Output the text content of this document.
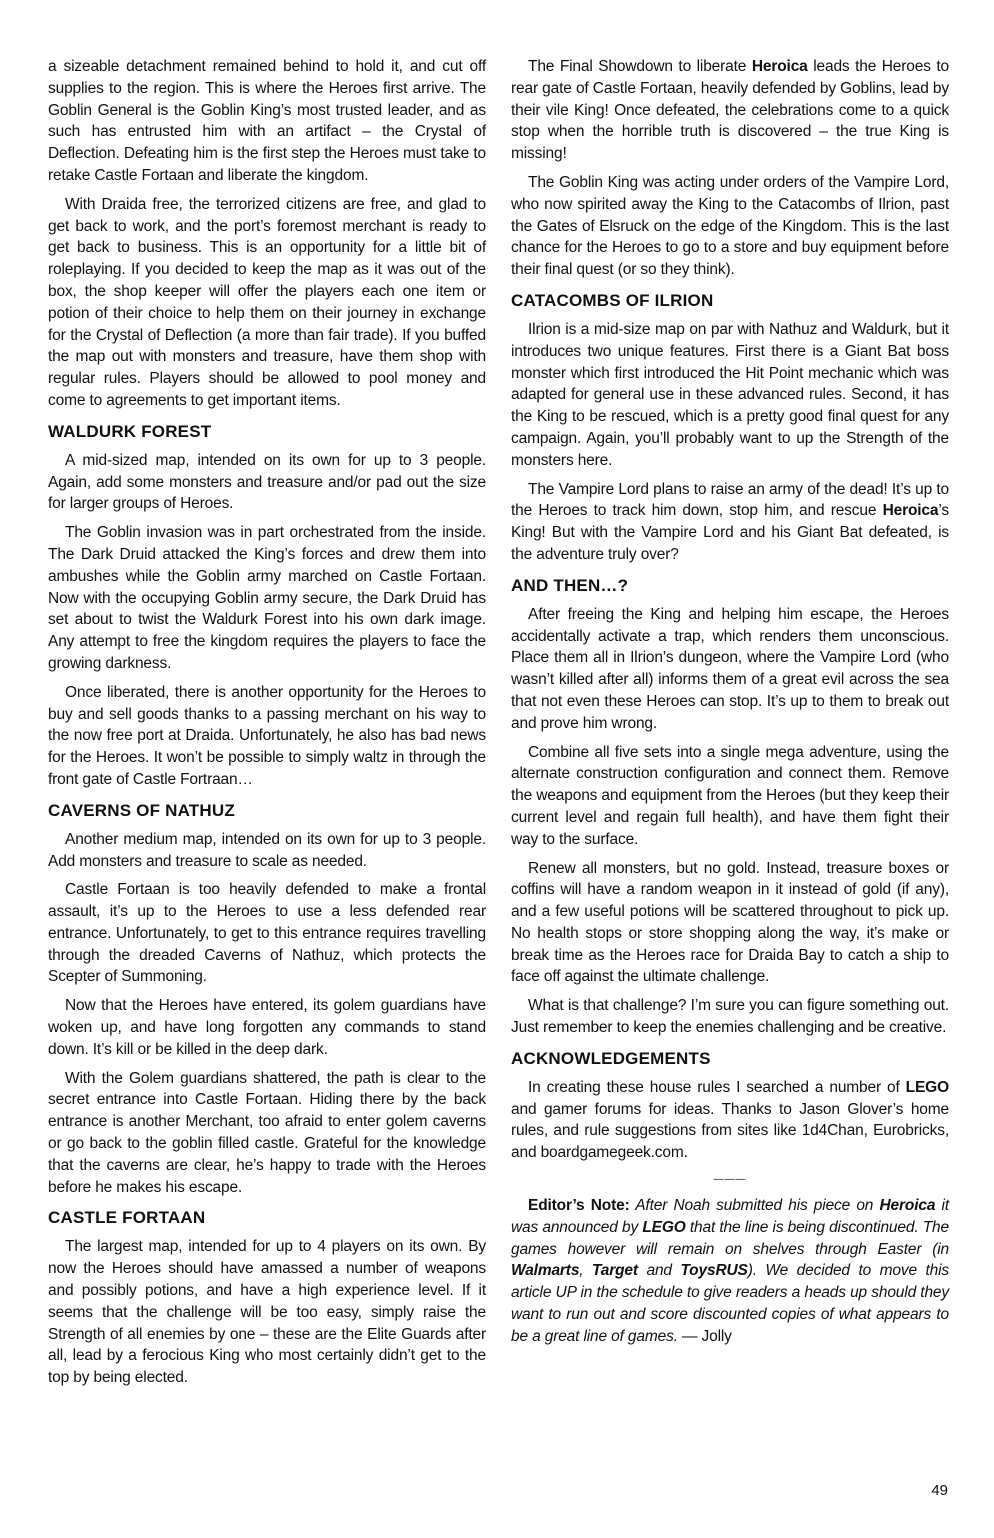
a sizeable detachment remained behind to hold it, and cut off supplies to the region. This is where the Heroes first arrive. The Goblin General is the Goblin King’s most trusted leader, and as such has entrusted him with an artifact – the Crystal of Deflection. Defeating him is the first step the Heroes must take to retake Castle Fortaan and liberate the kingdom.

With Draida free, the terrorized citizens are free, and glad to get back to work, and the port’s foremost merchant is ready to get back to business. This is an opportunity for a little bit of roleplaying. If you decided to keep the map as it was out of the box, the shop keeper will offer the players each one item or potion of their choice to help them on their journey in exchange for the Crystal of Deflection (a more than fair trade). If you buffed the map out with monsters and treasure, have them shop with regular rules. Players should be allowed to pool money and come to agreements to get important items.

WALDURK FOREST

A mid-sized map, intended on its own for up to 3 people. Again, add some monsters and treasure and/or pad out the size for larger groups of Heroes.

The Goblin invasion was in part orchestrated from the inside. The Dark Druid attacked the King’s forces and drew them into ambushes while the Goblin army marched on Castle Fortaan. Now with the occupying Goblin army secure, the Dark Druid has set about to twist the Waldurk Forest into his own dark image. Any attempt to free the kingdom requires the players to face the growing darkness.

Once liberated, there is another opportunity for the Heroes to buy and sell goods thanks to a passing merchant on his way to the now free port at Draida. Unfortunately, he also has bad news for the Heroes. It won’t be possible to simply waltz in through the front gate of Castle Fortraan…

CAVERNS OF NATHUZ

Another medium map, intended on its own for up to 3 people. Add monsters and treasure to scale as needed.

Castle Fortaan is too heavily defended to make a frontal assault, it’s up to the Heroes to use a less defended rear entrance. Unfortunately, to get to this entrance requires travelling through the dreaded Caverns of Nathuz, which protects the Scepter of Summoning.

Now that the Heroes have entered, its golem guardians have woken up, and have long forgotten any commands to stand down. It’s kill or be killed in the deep dark.

With the Golem guardians shattered, the path is clear to the secret entrance into Castle Fortaan. Hiding there by the back entrance is another Merchant, too afraid to enter golem caverns or go back to the goblin filled castle. Grateful for the knowledge that the caverns are clear, he’s happy to trade with the Heroes before he makes his escape.

CASTLE FORTAAN

The largest map, intended for up to 4 players on its own. By now the Heroes should have amassed a number of weapons and possibly potions, and have a high experience level. If it seems that the challenge will be too easy, simply raise the Strength of all enemies by one – these are the Elite Guards after all, lead by a ferocious King who most certainly didn’t get to the top by being elected.

The Final Showdown to liberate Heroica leads the Heroes to rear gate of Castle Fortaan, heavily defended by Goblins, lead by their vile King! Once defeated, the celebrations come to a quick stop when the horrible truth is discovered – the true King is missing!

The Goblin King was acting under orders of the Vampire Lord, who now spirited away the King to the Catacombs of Ilrion, past the Gates of Elsruck on the edge of the Kingdom. This is the last chance for the Heroes to go to a store and buy equipment before their final quest (or so they think).

CATACOMBS OF ILRION

Ilrion is a mid-size map on par with Nathuz and Waldurk, but it introduces two unique features. First there is a Giant Bat boss monster which first introduced the Hit Point mechanic which was adapted for general use in these advanced rules. Second, it has the King to be rescued, which is a pretty good final quest for any campaign. Again, you’ll probably want to up the Strength of the monsters here.

The Vampire Lord plans to raise an army of the dead! It’s up to the Heroes to track him down, stop him, and rescue Heroica’s King! But with the Vampire Lord and his Giant Bat defeated, is the adventure truly over?

AND THEN…?

After freeing the King and helping him escape, the Heroes accidentally activate a trap, which renders them unconscious. Place them all in Ilrion’s dungeon, where the Vampire Lord (who wasn’t killed after all) informs them of a great evil across the sea that not even these Heroes can stop. It’s up to them to break out and prove him wrong.

Combine all five sets into a single mega adventure, using the alternate construction configuration and connect them. Remove the weapons and equipment from the Heroes (but they keep their current level and regain full health), and have them fight their way to the surface.

Renew all monsters, but no gold. Instead, treasure boxes or coffins will have a random weapon in it instead of gold (if any), and a few useful potions will be scattered throughout to pick up. No health stops or store shopping along the way, it’s make or break time as the Heroes race for Draida Bay to catch a ship to face off against the ultimate challenge.

What is that challenge? I’m sure you can figure something out. Just remember to keep the enemies challenging and be creative.

ACKNOWLEDGEMENTS

In creating these house rules I searched a number of LEGO and gamer forums for ideas. Thanks to Jason Glover’s home rules, and rule suggestions from sites like 1d4Chan, Eurobricks, and boardgamegeek.com.

———

Editor’s Note: After Noah submitted his piece on Heroica it was announced by LEGO that the line is being discontinued. The games however will remain on shelves through Easter (in Walmarts, Target and ToysRUS). We decided to move this article UP in the schedule to give readers a heads up should they want to run out and score discounted copies of what appears to be a great line of games. — Jolly

49
